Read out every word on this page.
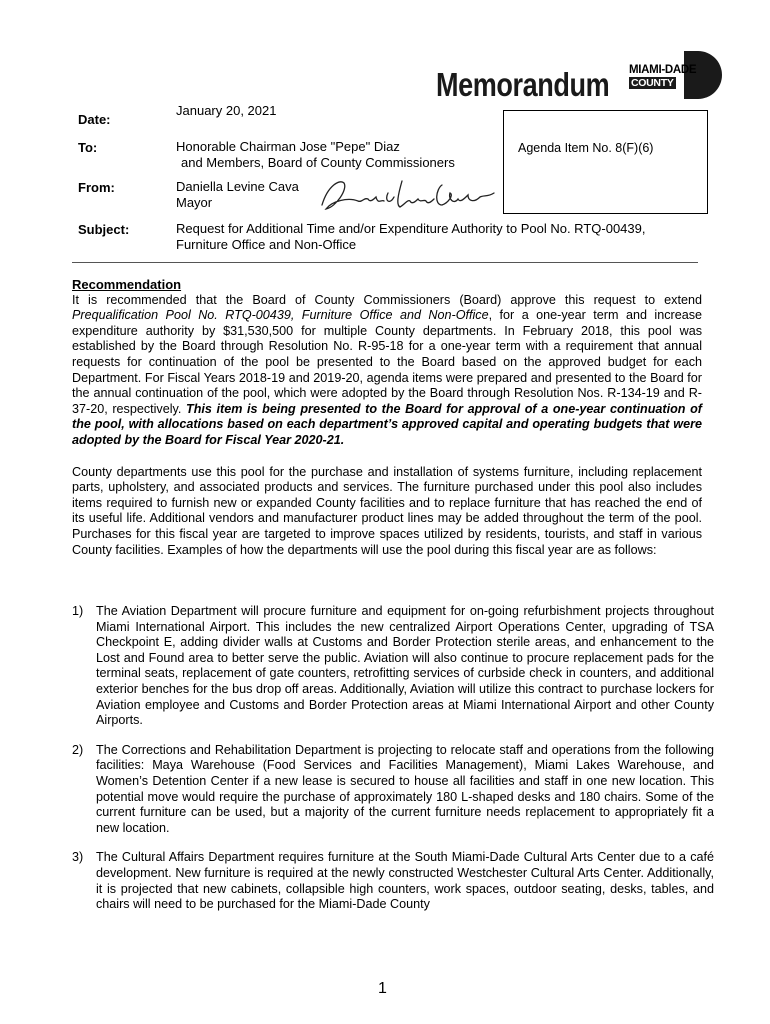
Memorandum MIAMI-DADE
COUNTY
Date:
January 20, 2021
To:	Honorable Chairman Jose "Pepe" Diaz
and Members, Board of County Commissioners
Agenda Item No. 8(F)(6)
From:	Daniella Levine Cava
Mayor
Subject:	Request for Additional Time and/or Expenditure Authority to Pool No. RTQ-00439,
Furniture Office and Non-Office
Recommendation
It is recommended that the Board of County Commissioners (Board) approve this request to extend Prequalification Pool No. RTQ-00439, Furniture Office and Non-Office, for a one-year term and increase expenditure authority by $31,530,500 for multiple County departments. In February 2018, this pool was established by the Board through Resolution No. R-95-18 for a one-year term with a requirement that annual requests for continuation of the pool be presented to the Board based on the approved budget for each Department. For Fiscal Years 2018-19 and 2019-20, agenda items were prepared and presented to the Board for the annual continuation of the pool, which were adopted by the Board through Resolution Nos. R-134-19 and R-37-20, respectively. This item is being presented to the Board for approval of a one-year continuation of the pool, with allocations based on each department’s approved capital and operating budgets that were adopted by the Board for Fiscal Year 2020-21.
County departments use this pool for the purchase and installation of systems furniture, including replacement parts, upholstery, and associated products and services. The furniture purchased under this pool also includes items required to furnish new or expanded County facilities and to replace furniture that has reached the end of its useful life. Additional vendors and manufacturer product lines may be added throughout the term of the pool. Purchases for this fiscal year are targeted to improve spaces utilized by residents, tourists, and staff in various County facilities. Examples of how the departments will use the pool during this fiscal year are as follows:
1) The Aviation Department will procure furniture and equipment for on-going refurbishment projects throughout Miami International Airport. This includes the new centralized Airport Operations Center, upgrading of TSA Checkpoint E, adding divider walls at Customs and Border Protection sterile areas, and enhancement to the Lost and Found area to better serve the public. Aviation will also continue to procure replacement pads for the terminal seats, replacement of gate counters, retrofitting services of curbside check in counters, and additional exterior benches for the bus drop off areas. Additionally, Aviation will utilize this contract to purchase lockers for Aviation employee and Customs and Border Protection areas at Miami International Airport and other County Airports.
2) The Corrections and Rehabilitation Department is projecting to relocate staff and operations from the following facilities: Maya Warehouse (Food Services and Facilities Management), Miami Lakes Warehouse, and Women’s Detention Center if a new lease is secured to house all facilities and staff in one new location. This potential move would require the purchase of approximately 180 L-shaped desks and 180 chairs. Some of the current furniture can be used, but a majority of the current furniture needs replacement to appropriately fit a new location.
3) The Cultural Affairs Department requires furniture at the South Miami-Dade Cultural Arts Center due to a café development. New furniture is required at the newly constructed Westchester Cultural Arts Center. Additionally, it is projected that new cabinets, collapsible high counters, work spaces, outdoor seating, desks, tables, and chairs will need to be purchased for the Miami-Dade County
1
